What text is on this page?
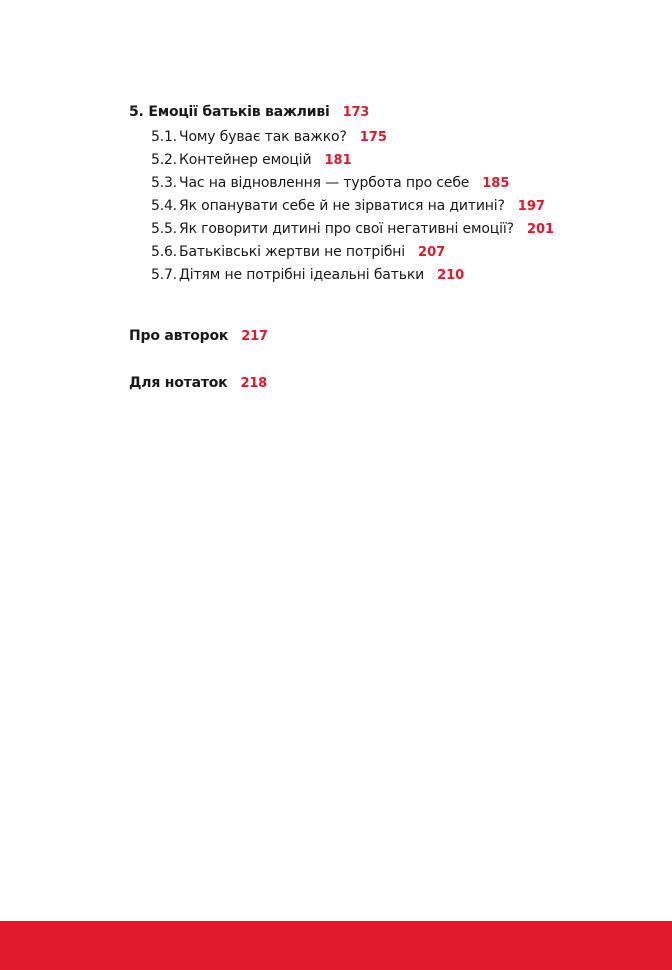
5. Емоції батьків важливі 173
5.1. Чому буває так важко? 175
5.2. Контейнер емоцій 181
5.3. Час на відновлення — турбота про себе 185
5.4. Як опанувати себе й не зірватися на дитині? 197
5.5. Як говорити дитині про свої негативні емоції? 201
5.6. Батьківські жертви не потрібні 207
5.7. Дітям не потрібні ідеальні батьки 210
Про авторок 217
Для нотаток 218
